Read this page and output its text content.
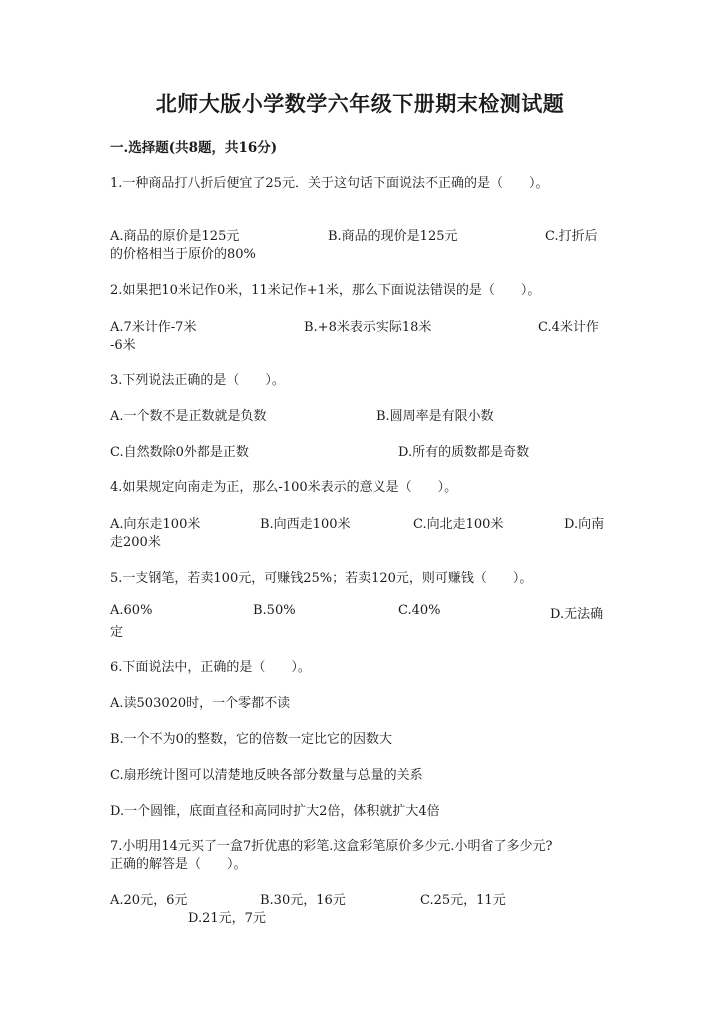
北师大版小学数学六年级下册期末检测试题
一.选择题(共8题，共16分)
1.一种商品打八折后便宜了25元．关于这句话下面说法不正确的是（　　）。
A.商品的原价是125元	B.商品的现价是125元	C.打折后
的价格相当于原价的80%
2.如果把10米记作0米，11米记作+1米，那么下面说法错误的是（　　）。
A.7米计作-7米	B.+8米表示实际18米	C.4米计作
-6米
3.下列说法正确的是（　　）。
A.一个数不是正数就是负数	B.圆周率是有限小数
C.自然数除0外都是正数	D.所有的质数都是奇数
4.如果规定向南走为正，那么-100米表示的意义是（　　）。
A.向东走100米	B.向西走100米	C.向北走100米	D.向南
走200米
5.一支钢笔，若卖100元，可赚钱25%；若卖120元，则可赚钱（　　）。
A.60%	B.50%	C.40%	D.无法确
定
6.下面说法中，正确的是（　　）。
A.读503020时，一个零都不读
B.一个不为0的整数，它的倍数一定比它的因数大
C.扇形统计图可以清楚地反映各部分数量与总量的关系
D.一个圆锥，底面直径和高同时扩大2倍，体积就扩大4倍
7.小明用14元买了一盒7折优惠的彩笔.这盒彩笔原价多少元.小明省了多少元?
正确的解答是（　　）。
A.20元，6元	B.30元，16元	C.25元，11元
D.21元，7元
